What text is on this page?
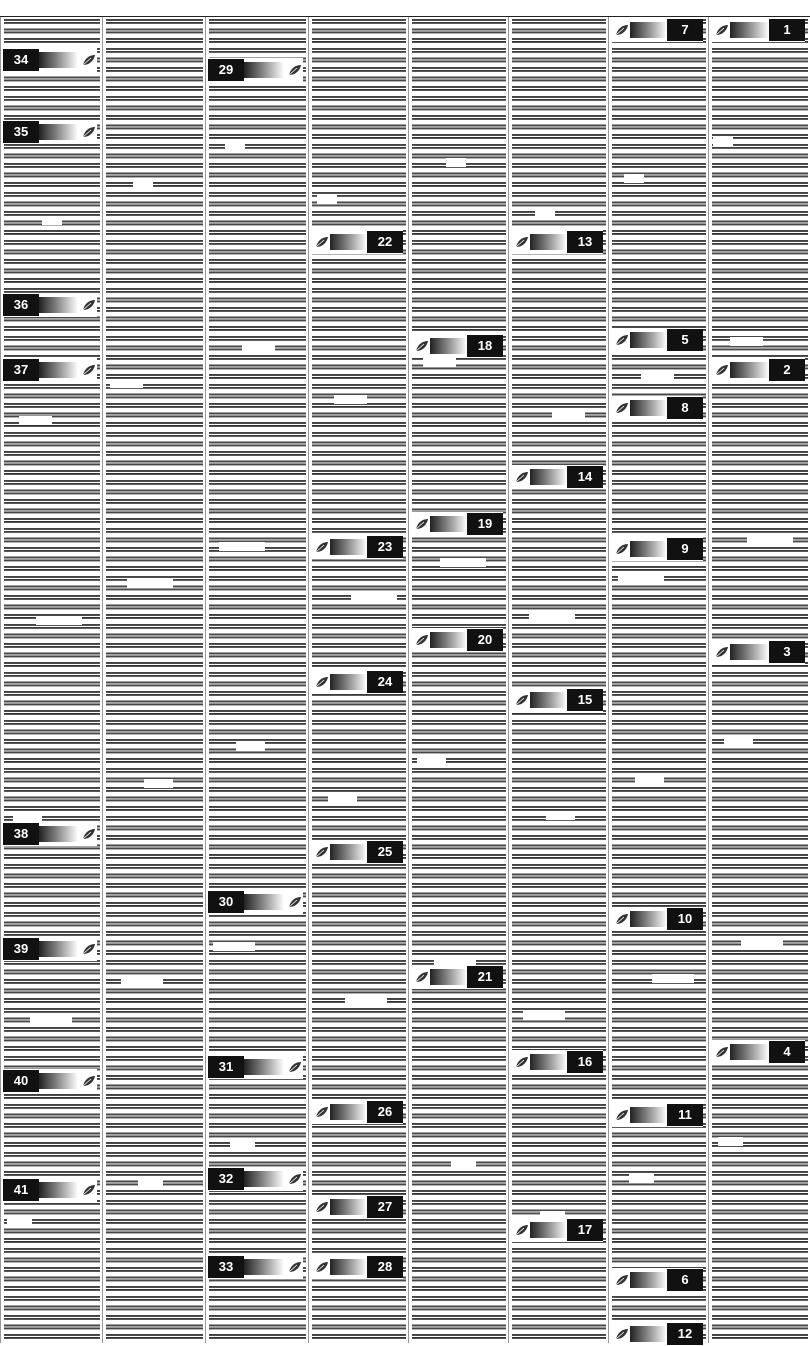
1
2
3
4
7
5
8
9
10
11
6
12
13
14
15
16
17
18
19
20
21
22
23
24
25
26
27
28
29
30
31
32
33
34
35
36
37
38
39
40
41
